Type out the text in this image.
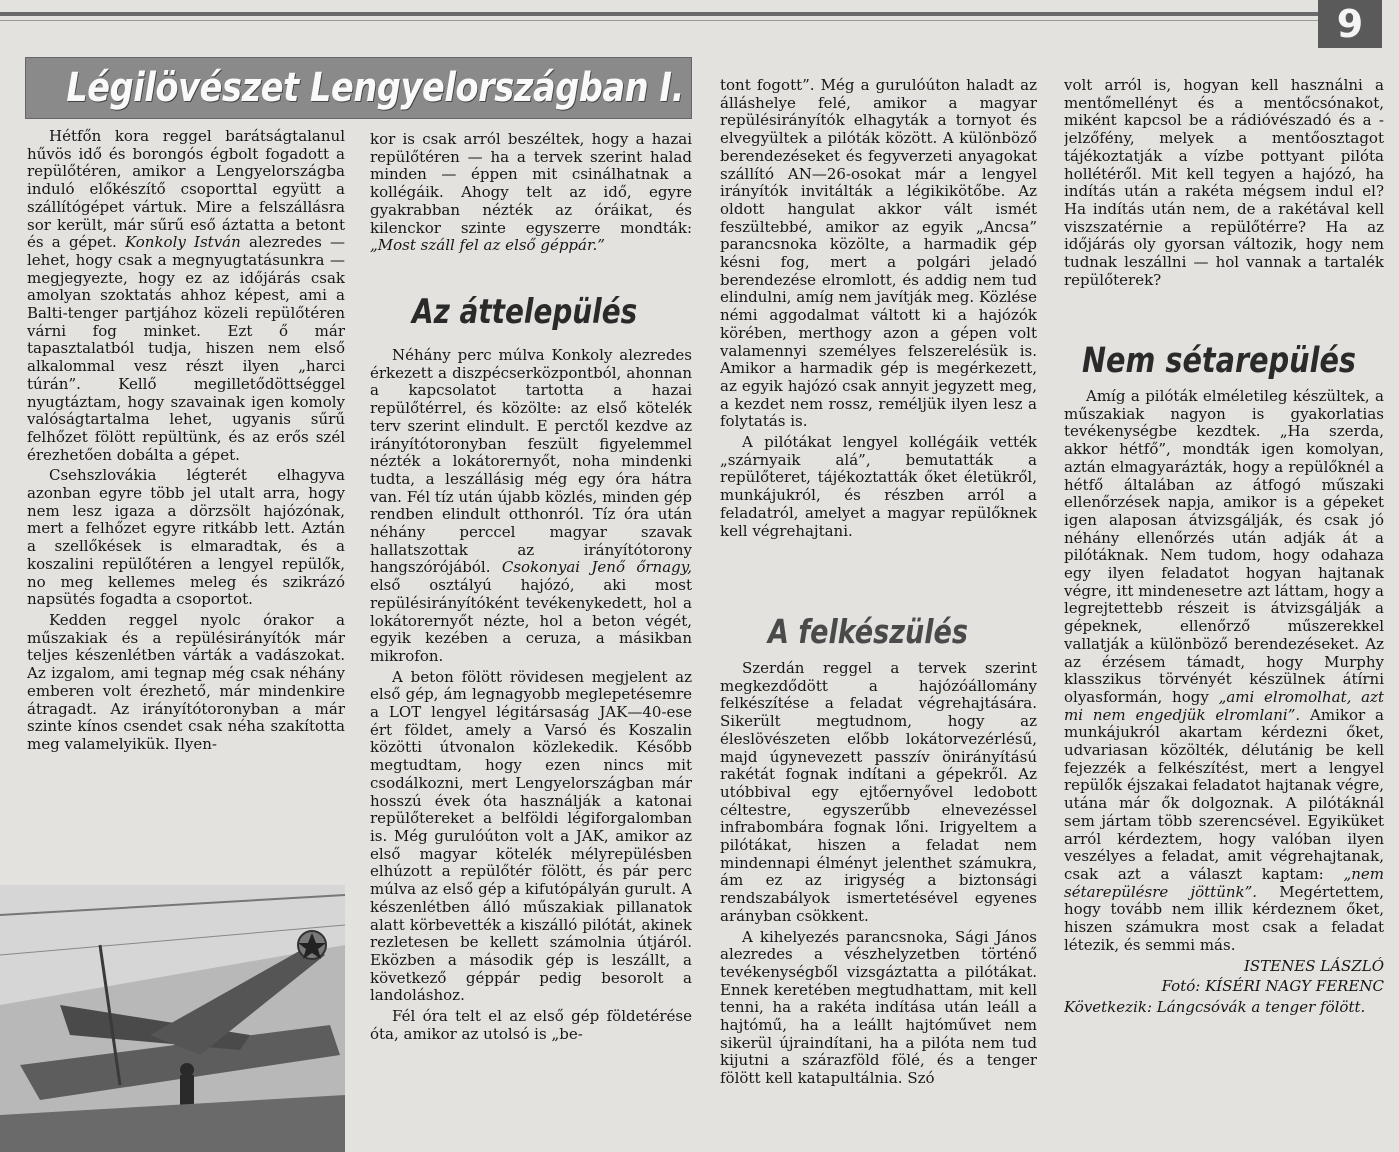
9
Légilövészet Lengyelországban I.

Hétfőn kora reggel barátságtalanul hűvös idő és borongós égbolt fogadott a repülőtéren, amikor a Lengyelországba induló előkészítő csoporttal együtt a szállítógépet vártuk. Mire a felszállásra sor került, már sűrű eső áztatta a betont és a gépet. Konkoly István alezredes — lehet, hogy csak a megnyugtatásunkra — megjegyezte, hogy ez az időjárás csak amolyan szoktatás ahhoz képest, ami a Balti-tenger partjához közeli repülőtéren várni fog minket. Ezt ő már tapasztalatból tudja, hiszen nem első alkalommal vesz részt ilyen „harci túrán”. Kellő megilletődöttséggel nyugtáztam, hogy szavainak igen komoly valóságtartalma lehet, ugyanis sűrű felhőzet fölött repültünk, és az erős szél érezhetően dobálta a gépet.

Csehszlovákia légterét elhagyva azonban egyre több jel utalt arra, hogy nem lesz igaza a dörzsölt hajózónak, mert a felhőzet egyre ritkább lett. Aztán a szellőkések is elmaradtak, és a koszalini repülőtéren a lengyel repülők, no meg kellemes meleg és szikrázó napsütés fogadta a csoportot.

Kedden reggel nyolc órakor a műszakiak és a repülésirányítók már teljes készenlétben várták a vadászokat. Az izgalom, ami tegnap még csak néhány emberen volt érezhető, már mindenkire átragadt. Az irányítótoronyban a már szinte kínos csendet csak néha szakította meg valamelyikük. Ilyen-

kor is csak arról beszéltek, hogy a hazai repülőtéren — ha a tervek szerint halad minden — éppen mit csinálhatnak a kollégáik. Ahogy telt az idő, egyre gyakrabban nézték az óráikat, és kilenckor szinte egyszerre mondták: „Most száll fel az első géppár.”

Az áttelepülés

Néhány perc múlva Konkoly alezredes érkezett a diszpécserközpontból, ahonnan a kapcsolatot tartotta a hazai repülőtérrel, és közölte: az első kötelék terv szerint elindult. E perctől kezdve az irányítótoronyban feszült figyelemmel nézték a lokátorernyőt, noha mindenki tudta, a leszállásig még egy óra hátra van. Fél tíz után újabb közlés, minden gép rendben elindult otthonról. Tíz óra után néhány perccel magyar szavak hallatszottak az irányítótorony hangszórójából. Csokonyai Jenő őrnagy, első osztályú hajózó, aki most repülésirányítóként tevékenykedett, hol a lokátorernyőt nézte, hol a beton végét, egyik kezében a ceruza, a másikban mikrofon.

A beton fölött rövidesen megjelent az első gép, ám legnagyobb meglepetésemre a LOT lengyel légitársaság JAK—40-ese ért földet, amely a Varsó és Koszalin közötti útvonalon közlekedik. Később megtudtam, hogy ezen nincs mit csodálkozni, mert Lengyelországban már hosszú évek óta használják a katonai repülőtereket a belföldi légiforgalomban is. Még gurulóúton volt a JAK, amikor az első magyar kötelék mélyrepülésben elhúzott a repülőtér fölött, és pár perc múlva az első gép a kifutópályán gurult. A készenlétben álló műszakiak pillanatok alatt körbevették a kiszálló pilótát, akinek rezletesen be kellett számolnia útjáról. Eközben a második gép is leszállt, a következő géppár pedig besorolt a landoláshoz.

Fél óra telt el az első gép földetérése óta, amikor az utolsó is „be-

tont fogott”. Még a gurulóúton haladt az álláshelye felé, amikor a magyar repülésirányítók elhagyták a tornyot és elvegyültek a pilóták között. A különböző berendezéseket és fegyverzeti anyagokat szállító AN—26-osokat már a lengyel irányítók invitálták a légikikötőbe. Az oldott hangulat akkor vált ismét feszültebbé, amikor az egyik „Ancsa” parancsnoka közölte, a harmadik gép késni fog, mert a polgári jeladó berendezése elromlott, és addig nem tud elindulni, amíg nem javítják meg. Közlése némi aggodalmat váltott ki a hajózók körében, merthogy azon a gépen volt valamennyi személyes felszerelésük is. Amikor a harmadik gép is megérkezett, az egyik hajózó csak annyit jegyzett meg, a kezdet nem rossz, reméljük ilyen lesz a folytatás is.

A pilótákat lengyel kollégáik vették „szárnyaik alá”, bemutatták a repülőteret, tájékoztatták őket életükről, munkájukról, és részben arról a feladatról, amelyet a magyar repülőknek kell végrehajtani.

A felkészülés

Szerdán reggel a tervek szerint megkezdődött a hajózóállomány felkészítése a feladat végrehajtására. Sikerült megtudnom, hogy az éleslövészeten előbb lokátorvezérlésű, majd úgynevezett passzív önirányítású rakétát fognak indítani a gépekről. Az utóbbival egy ejtőernyővel ledobott céltestre, egyszerűbb elnevezéssel infrabombára fognak lőni. Irigyeltem a pilótákat, hiszen a feladat nem mindennapi élményt jelenthet számukra, ám ez az irigység a biztonsági rendszabályok ismertetésével egyenes arányban csökkent.

A kihelyezés parancsnoka, Sági János alezredes a vészhelyzetben történő tevékenységből vizsgáztatta a pilótákat. Ennek keretében megtudhattam, mit kell tenni, ha a rakéta indítása után leáll a hajtómű, ha a leállt hajtóművet nem sikerül újraindítani, ha a pilóta nem tud kijutni a szárazföld fölé, és a tenger fölött kell katapultálnia. Szó

volt arról is, hogyan kell használni a mentőmellényt és a mentőcsónakot, miként kapcsol be a rádióvészadó és a -jelzőfény, melyek a mentőosztagot tájékoztatják a vízbe pottyant pilóta hollétéről. Mit kell tegyen a hajózó, ha indítás után a rakéta mégsem indul el? Ha indítás után nem, de a rakétával kell viszszatérnie a repülőtérre? Ha az időjárás oly gyorsan változik, hogy nem tudnak leszállni — hol vannak a tartalék repülőterek?

Nem sétarepülés

Amíg a pilóták elméletileg készültek, a műszakiak nagyon is gyakorlatias tevékenységbe kezdtek. „Ha szerda, akkor hétfő”, mondták igen komolyan, aztán elmagyarázták, hogy a repülőknél a hétfő általában az átfogó műszaki ellenőrzések napja, amikor is a gépeket igen alaposan átvizsgálják, és csak jó néhány ellenőrzés után adják át a pilótáknak. Nem tudom, hogy odahaza egy ilyen feladatot hogyan hajtanak végre, itt mindenesetre azt láttam, hogy a legrejtettebb részeit is átvizsgálják a gépeknek, ellenőrző műszerekkel vallatják a különböző berendezéseket. Az az érzésem támadt, hogy Murphy klasszikus törvényét készülnek átírni olyasformán, hogy „ami elromolhat, azt mi nem engedjük elromlani”. Amikor a munkájukról akartam kérdezni őket, udvariasan közölték, délutánig be kell fejezzék a felkészítést, mert a lengyel repülők éjszakai feladatot hajtanak végre, utána már ők dolgoznak. A pilótáknál sem jártam több szerencsével. Egyiküket arról kérdeztem, hogy valóban ilyen veszélyes a feladat, amit végrehajtanak, csak azt a választ kaptam: „nem sétarepülésre jöttünk”. Megértettem, hogy tovább nem illik kérdeznem őket, hiszen számukra most csak a feladat létezik, és semmi más.

ISTENES LÁSZLÓ

Fotó: KÍSÉRI NAGY FERENC

Következik: Lángcsóvák a tenger fölött.
